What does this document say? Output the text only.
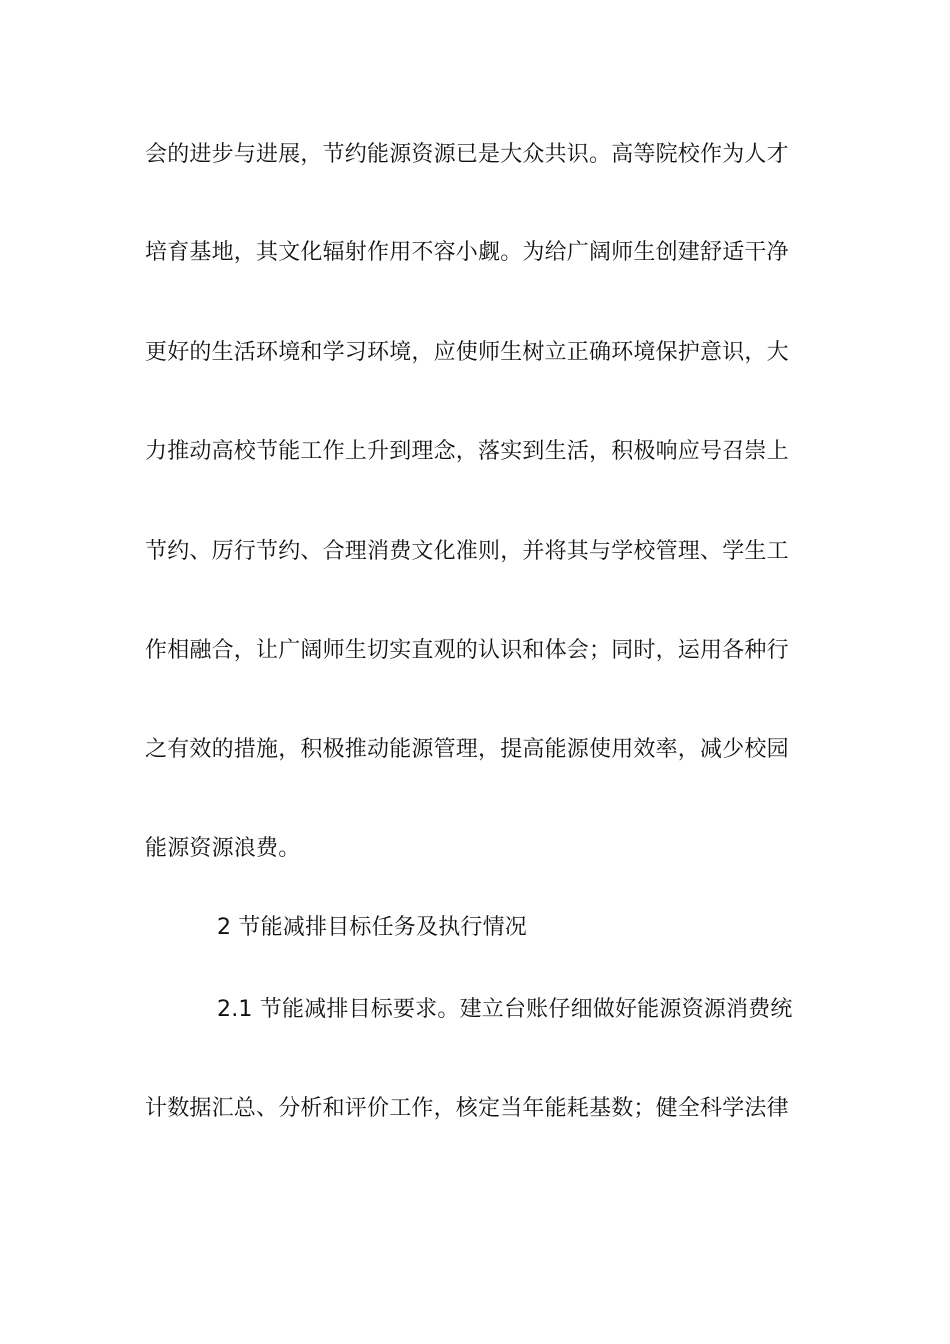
会的进步与进展，节约能源资源已是大众共识。高等院校作为人才
培育基地，其文化辐射作用不容小觑。为给广阔师生创建舒适干净
更好的生活环境和学习环境，应使师生树立正确环境保护意识，大
力推动高校节能工作上升到理念，落实到生活，积极响应号召崇上
节约、厉行节约、合理消费文化准则，并将其与学校管理、学生工
作相融合，让广阔师生切实直观的认识和体会；同时，运用各种行
之有效的措施，积极推动能源管理，提高能源使用效率，减少校园
能源资源浪费。
2 节能减排目标任务及执行情况
2.1 节能减排目标要求。建立台账仔细做好能源资源消费统
计数据汇总、分析和评价工作，核定当年能耗基数；健全科学法律
